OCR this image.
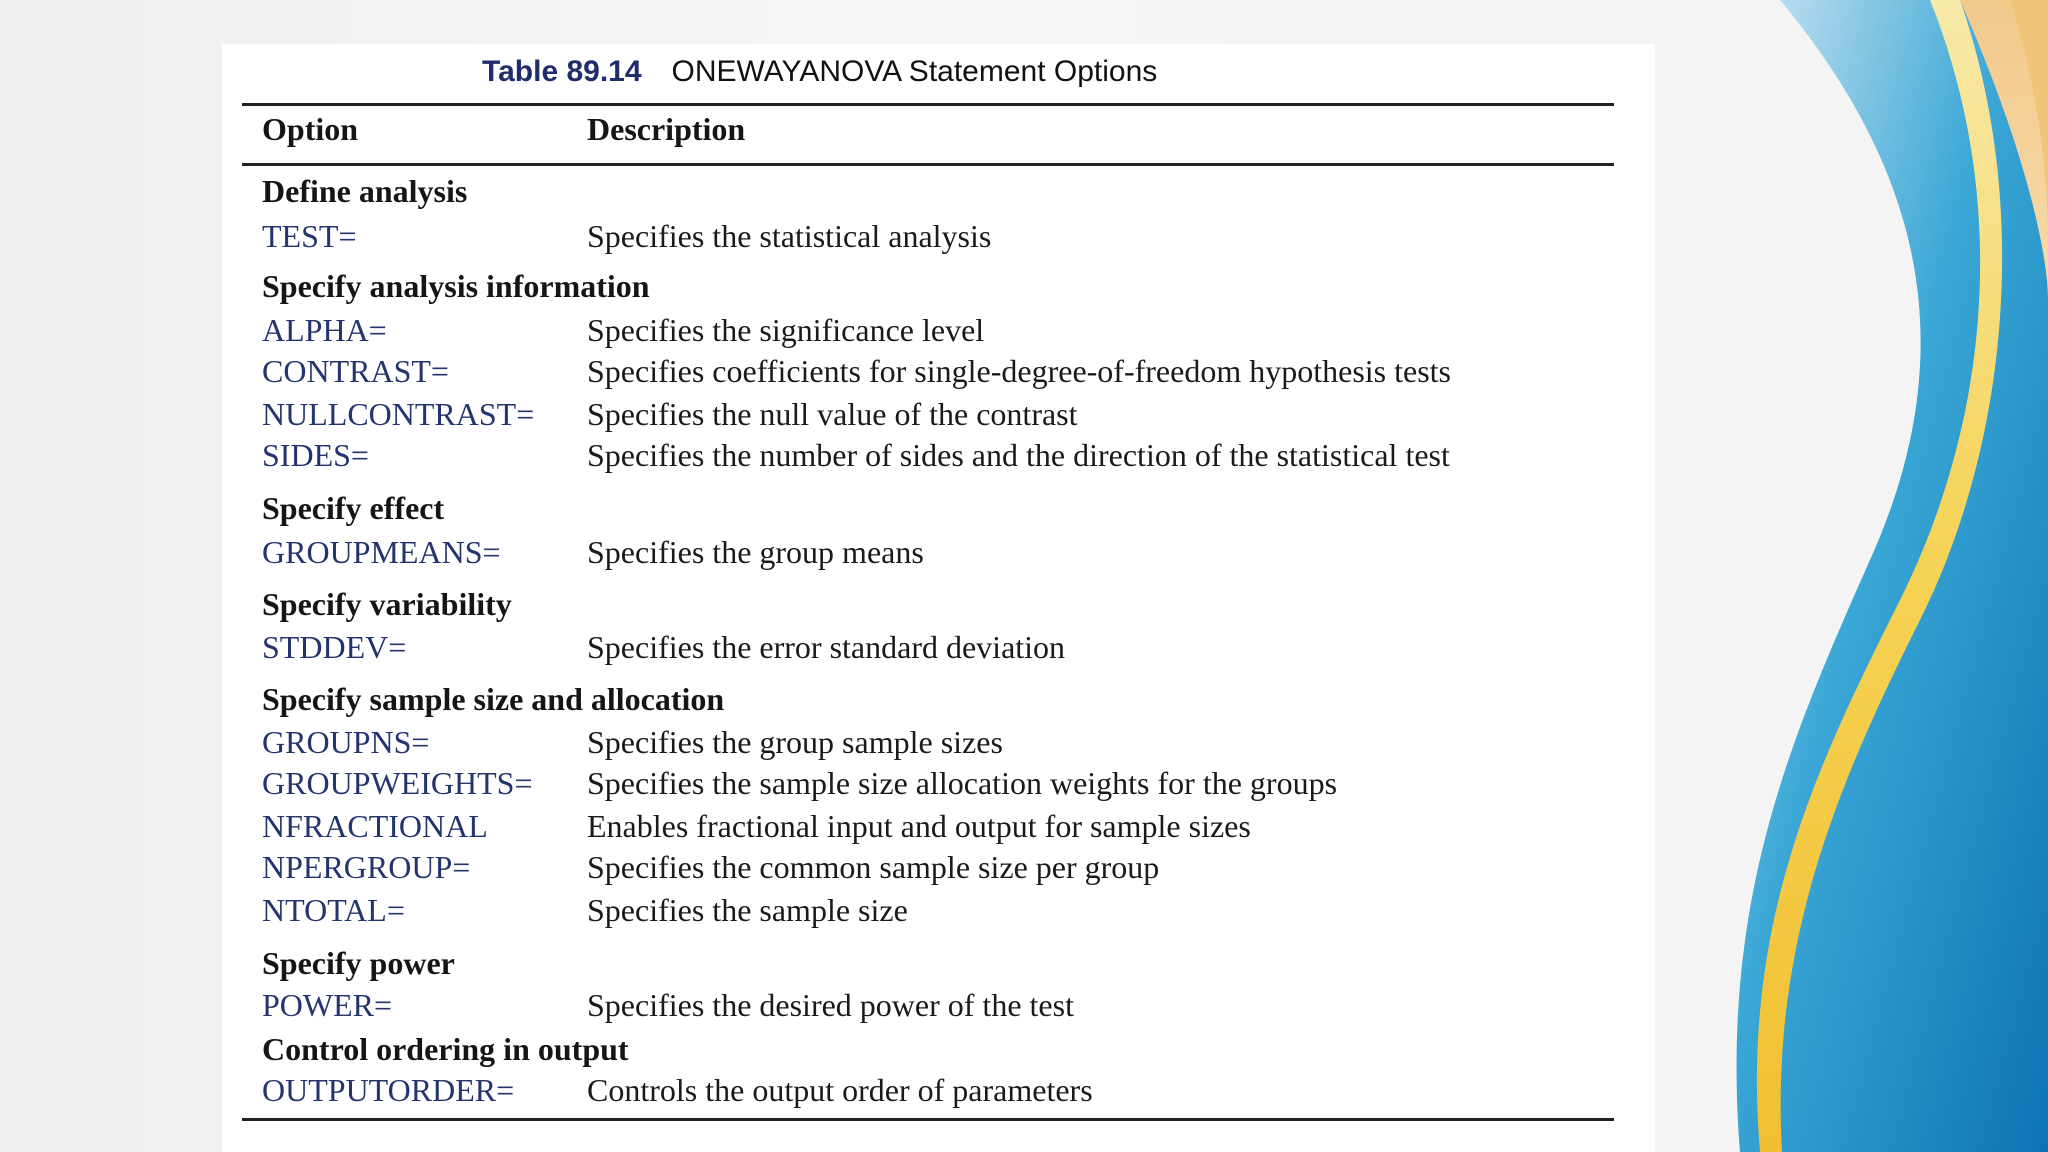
Table 89.14 ONEWAYANOVA Statement Options
Option	Description
Define analysis
TEST=	Specifies the statistical analysis
Specify analysis information
ALPHA=	Specifies the significance level
CONTRAST=	Specifies coefficients for single-degree-of-freedom hypothesis tests
NULLCONTRAST= Specifies the null value of the contrast
SIDES=	Specifies the number of sides and the direction of the statistical test
Specify effect
GROUPMEANS=	Specifies the group means
Specify variability
STDDEV=	Specifies the error standard deviation
Specify sample size and allocation
GROUPNS=	Specifies the group sample sizes
GROUPWEIGHTS= Specifies the sample size allocation weights for the groups
NFRACTIONAL	Enables fractional input and output for sample sizes
NPERGROUP=	Specifies the common sample size per group
NTOTAL=	Specifies the sample size
Specify power
POWER=	Specifies the desired power of the test
Control ordering in output
OUTPUTORDER= Controls the output order of parameters
